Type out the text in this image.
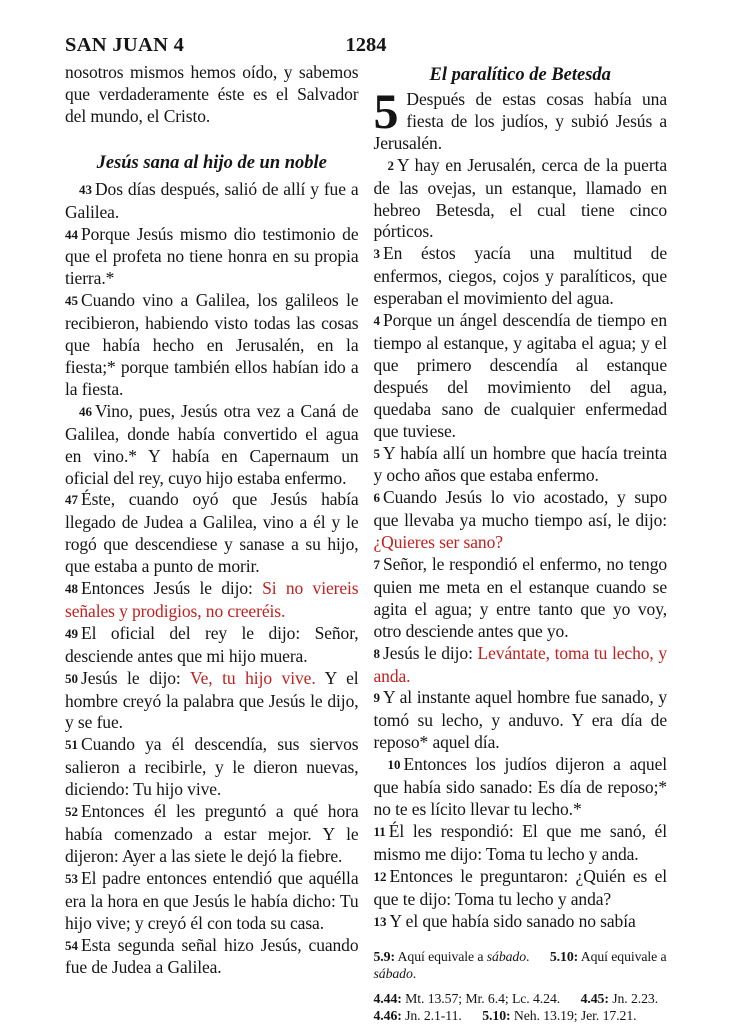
SAN JUAN 4	1284

nosotros mismos hemos oído, y sabemos que verdaderamente éste es el Salvador del mundo, el Cristo.

Jesús sana al hijo de un noble

43 Dos días después, salió de allí y fue a Galilea.

44 Porque Jesús mismo dio testimonio de que el profeta no tiene honra en su propia tierra.*

45 Cuando vino a Galilea, los galileos le recibieron, habiendo visto todas las cosas que había hecho en Jerusalén, en la fiesta;* porque también ellos habían ido a la fiesta.

46 Vino, pues, Jesús otra vez a Caná de Galilea, donde había convertido el agua en vino.* Y había en Capernaum un oficial del rey, cuyo hijo estaba enfermo.

47 Éste, cuando oyó que Jesús había llegado de Judea a Galilea, vino a él y le rogó que descendiese y sanase a su hijo, que estaba a punto de morir.

48 Entonces Jesús le dijo: Si no viereis señales y prodigios, no creeréis.

49 El oficial del rey le dijo: Señor, desciende antes que mi hijo muera.

50 Jesús le dijo: Ve, tu hijo vive. Y el hombre creyó la palabra que Jesús le dijo, y se fue.

51 Cuando ya él descendía, sus siervos salieron a recibirle, y le dieron nuevas, diciendo: Tu hijo vive.

52 Entonces él les preguntó a qué hora había comenzado a estar mejor. Y le dijeron: Ayer a las siete le dejó la fiebre.

53 El padre entonces entendió que aquélla era la hora en que Jesús le había dicho: Tu hijo vive; y creyó él con toda su casa.

54 Esta segunda señal hizo Jesús, cuando fue de Judea a Galilea.

El paralítico de Betesda

5 Después de estas cosas había una fiesta de los judíos, y subió Jesús a Jerusalén.

2 Y hay en Jerusalén, cerca de la puerta de las ovejas, un estanque, llamado en hebreo Betesda, el cual tiene cinco pórticos.

3 En éstos yacía una multitud de enfermos, ciegos, cojos y paralíticos, que esperaban el movimiento del agua.

4 Porque un ángel descendía de tiempo en tiempo al estanque, y agitaba el agua; y el que primero descendía al estanque después del movimiento del agua, quedaba sano de cualquier enfermedad que tuviese.

5 Y había allí un hombre que hacía treinta y ocho años que estaba enfermo.

6 Cuando Jesús lo vio acostado, y supo que llevaba ya mucho tiempo así, le dijo: ¿Quieres ser sano?

7 Señor, le respondió el enfermo, no tengo quien me meta en el estanque cuando se agita el agua; y entre tanto que yo voy, otro desciende antes que yo.

8 Jesús le dijo: Levántate, toma tu lecho, y anda.

9 Y al instante aquel hombre fue sanado, y tomó su lecho, y anduvo. Y era día de reposo* aquel día.

10 Entonces los judíos dijeron a aquel que había sido sanado: Es día de reposo;* no te es lícito llevar tu lecho.*

11 Él les respondió: El que me sanó, él mismo me dijo: Toma tu lecho y anda.

12 Entonces le preguntaron: ¿Quién es el que te dijo: Toma tu lecho y anda?

13 Y el que había sido sanado no sabía

5.9: Aquí equivale a sábado.  5.10: Aquí equivale a sábado.

4.44: Mt. 13.57; Mr. 6.4; Lc. 4.24.  4.45: Jn. 2.23.
4.46: Jn. 2.1-11.  5.10: Neh. 13.19; Jer. 17.21.
